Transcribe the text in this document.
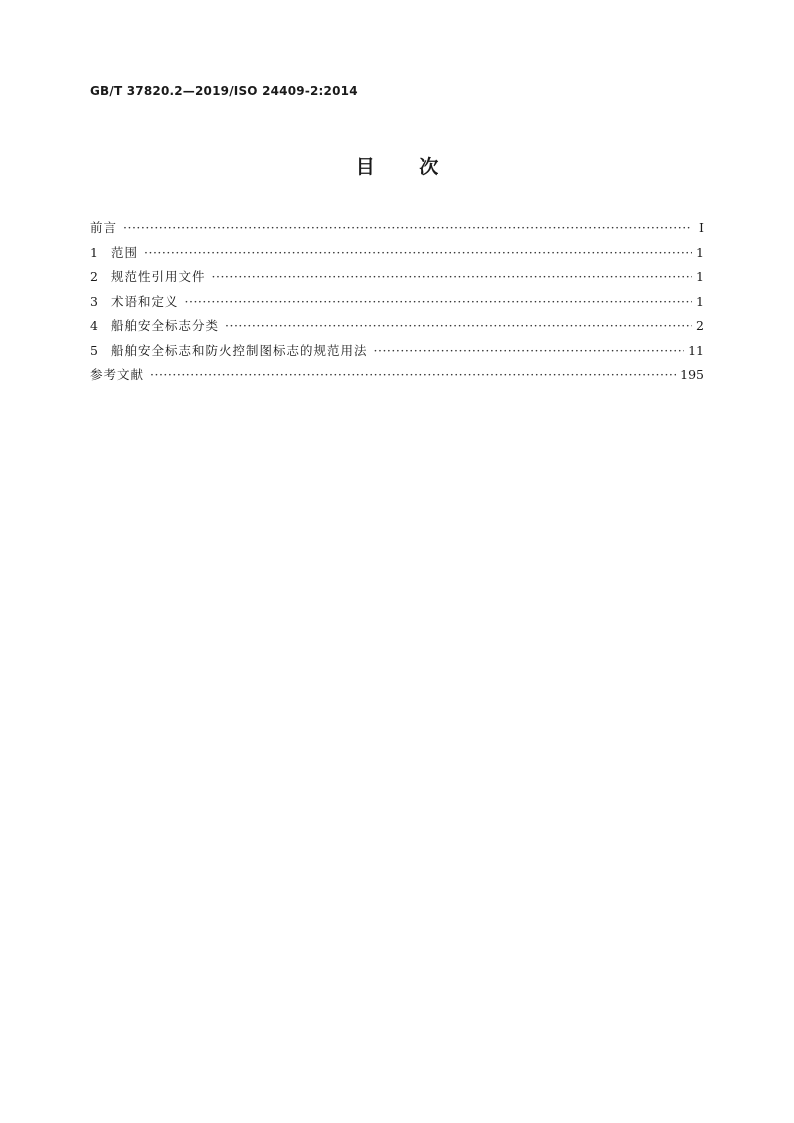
GB/T 37820.2—2019/ISO 24409-2:2014
目 次
前言 ·····	Ⅰ
1	范围 ·····	1
2	规范性引用文件 ·····	1
3	术语和定义 ·····	1
4	船舶安全标志分类 ·····	2
5	船舶安全标志和防火控制图标志的规范用法 ·····	11
参考文献 ·····	195
